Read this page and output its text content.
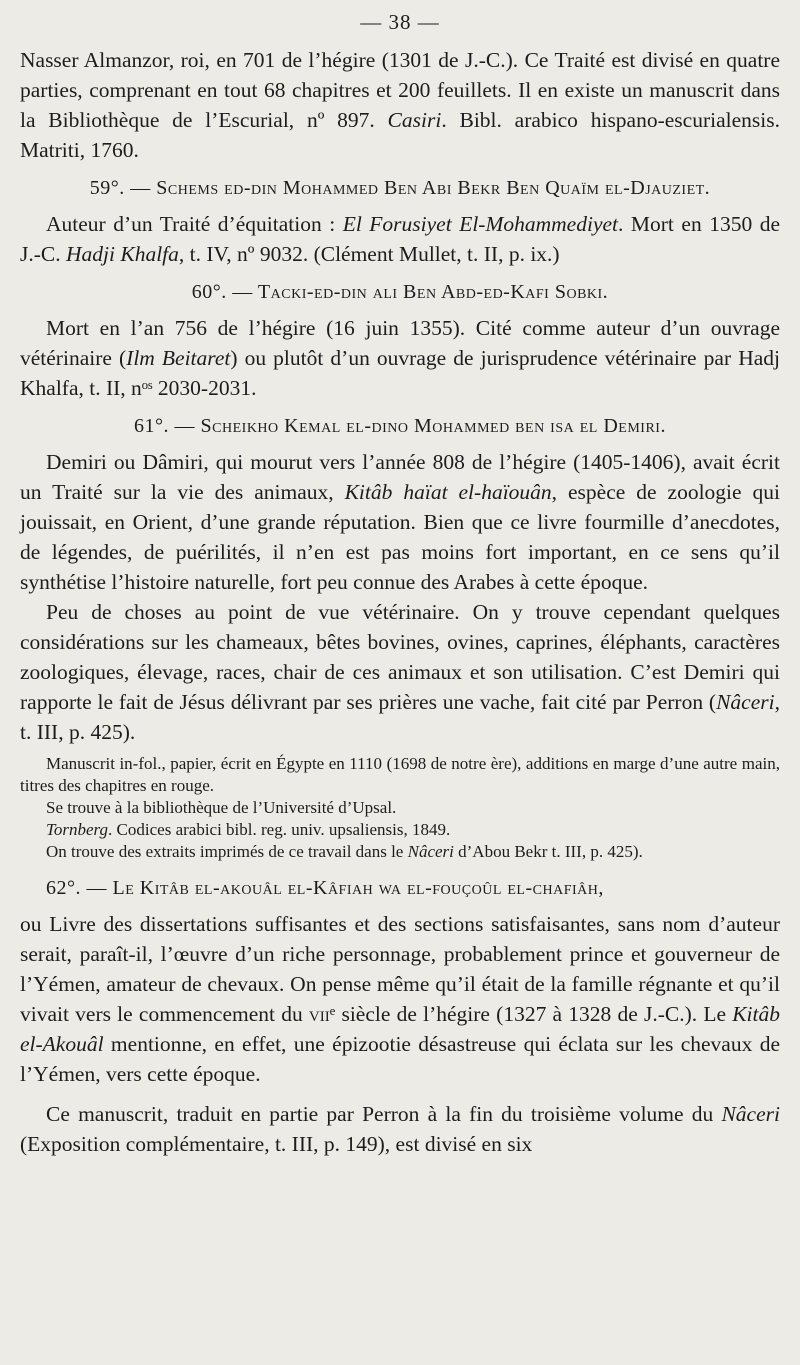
— 38 —

Nasser Almanzor, roi, en 701 de l’hégire (1301 de J.-C.). Ce Traité est divisé en quatre parties, comprenant en tout 68 chapitres et 200 feuillets. Il en existe un manuscrit dans la Bibliothèque de l’Escurial, nº 897. Casiri. Bibl. arabico hispano-escurialensis. Matriti, 1760.

59°. — Schems ed-din Mohammed Ben Abi Bekr Ben Quaïm el-Djauziet.

Auteur d’un Traité d’équitation : El Forusiyet El-Mohammediyet. Mort en 1350 de J.-C. Hadji Khalfa, t. IV, nº 9032. (Clément Mullet, t. II, p. ix.)

60°. — Tacki-ed-din ali Ben Abd-ed-Kafi Sobki.

Mort en l’an 756 de l’hégire (16 juin 1355). Cité comme auteur d’un ouvrage vétérinaire (Ilm Beitaret) ou plutôt d’un ouvrage de jurisprudence vétérinaire par Hadj Khalfa, t. II, nᵒˢ 2030-2031.

61°. — Scheikho Kemal el-dino Mohammed ben isa el Demiri.

Demiri ou Dâmiri, qui mourut vers l’année 808 de l’hégire (1405-1406), avait écrit un Traité sur la vie des animaux, Kitâb haïat el-haïouân, espèce de zoologie qui jouissait, en Orient, d’une grande réputation. Bien que ce livre fourmille d’anecdotes, de légendes, de puérilités, il n’en est pas moins fort important, en ce sens qu’il synthétise l’histoire naturelle, fort peu connue des Arabes à cette époque.

Peu de choses au point de vue vétérinaire. On y trouve cependant quelques considérations sur les chameaux, bêtes bovines, ovines, caprines, éléphants, caractères zoologiques, élevage, races, chair de ces animaux et son utilisation. C’est Demiri qui rapporte le fait de Jésus délivrant par ses prières une vache, fait cité par Perron (Nâceri, t. III, p. 425).

Manuscrit in-fol., papier, écrit en Égypte en 1110 (1698 de notre ère), additions en marge d’une autre main, titres des chapitres en rouge.

Se trouve à la bibliothèque de l’Université d’Upsal.

Tornberg. Codices arabici bibl. reg. univ. upsaliensis, 1849.

On trouve des extraits imprimés de ce travail dans le Nâceri d’Abou Bekr t. III, p. 425).

62°. — Le Kitâb el-akouâl el-Kâfiah wa el-fouçoûl el-chafiâh,

ou Livre des dissertations suffisantes et des sections satisfaisantes, sans nom d’auteur serait, paraît-il, l’œuvre d’un riche personnage, probablement prince et gouverneur de l’Yémen, amateur de chevaux. On pense même qu’il était de la famille régnante et qu’il vivait vers le commencement du viiᵉ siècle de l’hégire (1327 à 1328 de J.-C.). Le Kitâb el-Akouâl mentionne, en effet, une épizootie désastreuse qui éclata sur les chevaux de l’Yémen, vers cette époque.

Ce manuscrit, traduit en partie par Perron à la fin du troisième volume du Nâceri (Exposition complémentaire, t. III, p. 149), est divisé en six
